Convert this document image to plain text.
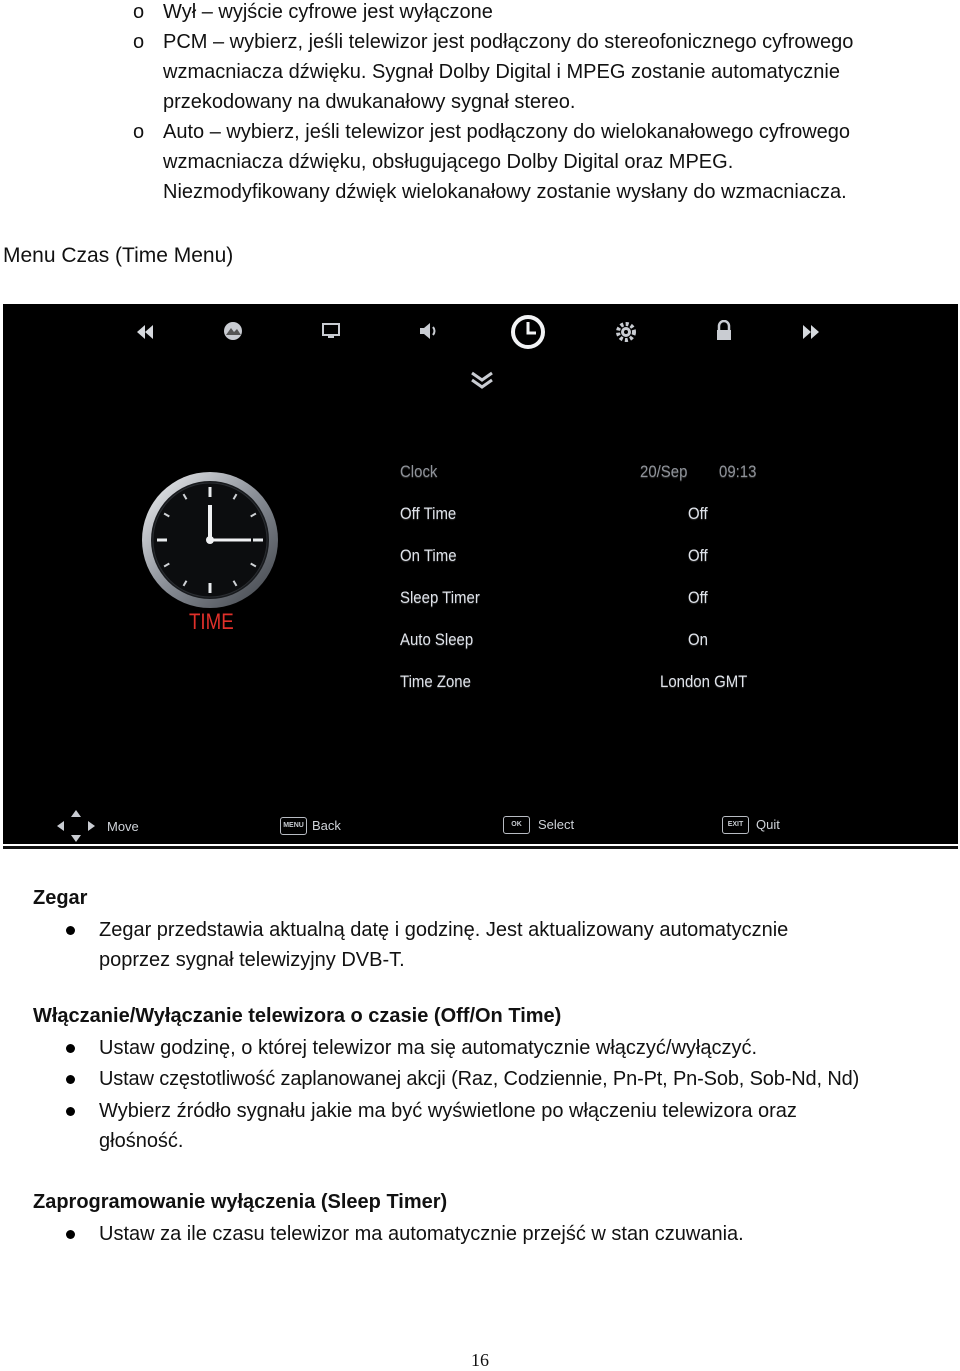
o Wył – wyjście cyfrowe jest wyłączone

o PCM – wybierz, jeśli telewizor jest podłączony do stereofonicznego cyfrowego

wzmacniacza dźwięku. Sygnał Dolby Digital i MPEG zostanie automatycznie

przekodowany na dwukanałowy sygnał stereo.

o Auto – wybierz, jeśli telewizor jest podłączony do wielokanałowego cyfrowego

wzmacniacza dźwięku, obsługującego Dolby Digital oraz MPEG.

Niezmodyfikowany dźwięk wielokanałowy zostanie wysłany do wzmacniacza.

Menu Czas (Time Menu)

TIME
Clock	20/Sep 09:13
Off Time	Off
On Time	Off
Sleep Timer	Off
Auto Sleep	On
Time Zone	London GMT
Move	MENU Back	OK	Select	EXIT Quit

Zegar

Zegar przedstawia aktualną datę i godzinę. Jest aktualizowany automatycznie

poprzez sygnał telewizyjny DVB-T.

Włączanie/Wyłączanie telewizora o czasie (Off/On Time)

Ustaw godzinę, o której telewizor ma się automatycznie włączyć/wyłączyć.

Ustaw częstotliwość zaplanowanej akcji (Raz, Codziennie, Pn-Pt, Pn-Sob, Sob-Nd, Nd)

Wybierz źródło sygnału jakie ma być wyświetlone po włączeniu telewizora oraz

głośność.

Zaprogramowanie wyłączenia (Sleep Timer)

Ustaw za ile czasu telewizor ma automatycznie przejść w stan czuwania.

16
